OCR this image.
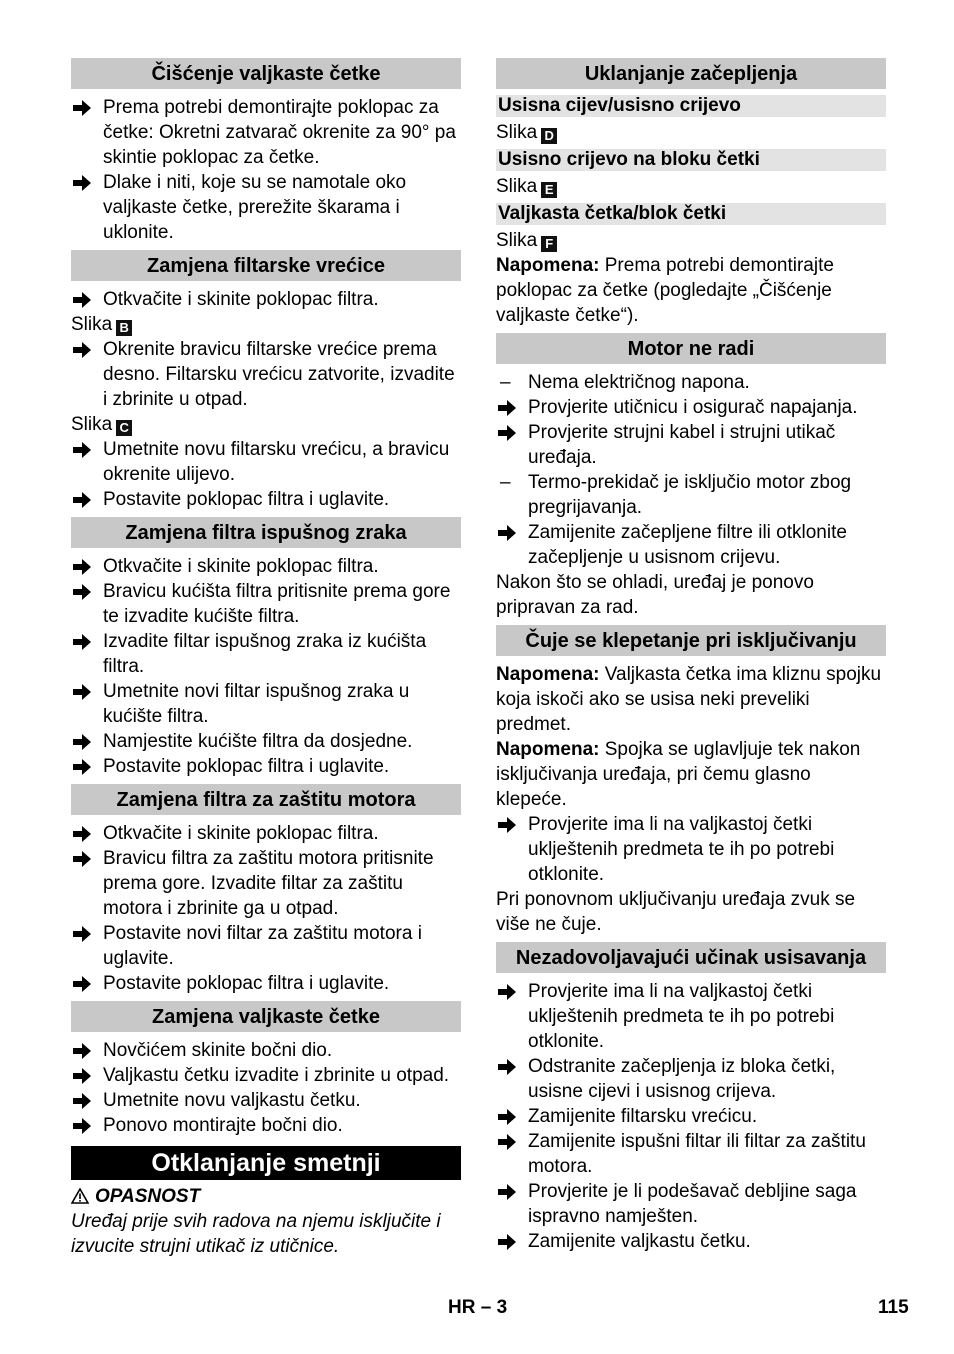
Čišćenje valjkaste četke
Prema potrebi demontirajte poklopac za četke: Okretni zatvarač okrenite za 90° pa skintie poklopac za četke.
Dlake i niti, koje su se namotale oko valjkaste četke, prerežite škarama i uklonite.
Zamjena filtarske vrećice
Otkvačite i skinite poklopac filtra.
Slika B
Okrenite bravicu filtarske vrećice prema desno. Filtarsku vrećicu zatvorite, izvadite i zbrinite u otpad.
Slika C
Umetnite novu filtarsku vrećicu, a bravicu okrenite ulijevo.
Postavite poklopac filtra i uglavite.
Zamjena filtra ispušnog zraka
Otkvačite i skinite poklopac filtra.
Bravicu kućišta filtra pritisnite prema gore te izvadite kućište filtra.
Izvadite filtar ispušnog zraka iz kućišta filtra.
Umetnite novi filtar ispušnog zraka u kućište filtra.
Namjestite kućište filtra da dosjedne.
Postavite poklopac filtra i uglavite.
Zamjena filtra za zaštitu motora
Otkvačite i skinite poklopac filtra.
Bravicu filtra za zaštitu motora pritisnite prema gore. Izvadite filtar za zaštitu motora i zbrinite ga u otpad.
Postavite novi filtar za zaštitu motora i uglavite.
Postavite poklopac filtra i uglavite.
Zamjena valjkaste četke
Novčićem skinite bočni dio.
Valjkastu četku izvadite i zbrinite u otpad.
Umetnite novu valjkastu četku.
Ponovo montirajte bočni dio.
Otklanjanje smetnji
OPASNOST
Uređaj prije svih radova na njemu isključite i izvucite strujni utikač iz utičnice.
Uklanjanje začepljenja
Usisna cijev/usisno crijevo
Slika D
Usisno crijevo na bloku četki
Slika E
Valjkasta četka/blok četki
Slika F
Napomena: Prema potrebi demontirajte poklopac za četke (pogledajte „Čišćenje valjkaste četke“).
Motor ne radi
– Nema električnog napona.
Provjerite utičnicu i osigurač napajanja.
Provjerite strujni kabel i strujni utikač uređaja.
– Termo-prekidač je isključio motor zbog pregrijavanja.
Zamijenite začepljene filtre ili otklonite začepljenje u usisnom crijevu.
Nakon što se ohladi, uređaj je ponovo pripravan za rad.
Čuje se klepetanje pri isključivanju
Napomena: Valjkasta četka ima kliznu spojku koja iskoči ako se usisa neki preveliki predmet.
Napomena: Spojka se uglavljuje tek nakon isključivanja uređaja, pri čemu glasno klepeće.
Provjerite ima li na valjkastoj četki uklještenih predmeta te ih po potrebi otklonite.
Pri ponovnom uključivanju uređaja zvuk se više ne čuje.
Nezadovoljavajući učinak usisavanja
Provjerite ima li na valjkastoj četki uklještenih predmeta te ih po potrebi otklonite.
Odstranite začepljenja iz bloka četki, usisne cijevi i usisnog crijeva.
Zamijenite filtarsku vrećicu.
Zamijenite ispušni filtar ili filtar za zaštitu motora.
Provjerite je li podešavač debljine saga ispravno namješten.
Zamijenite valjkastu četku.
HR – 3	115
